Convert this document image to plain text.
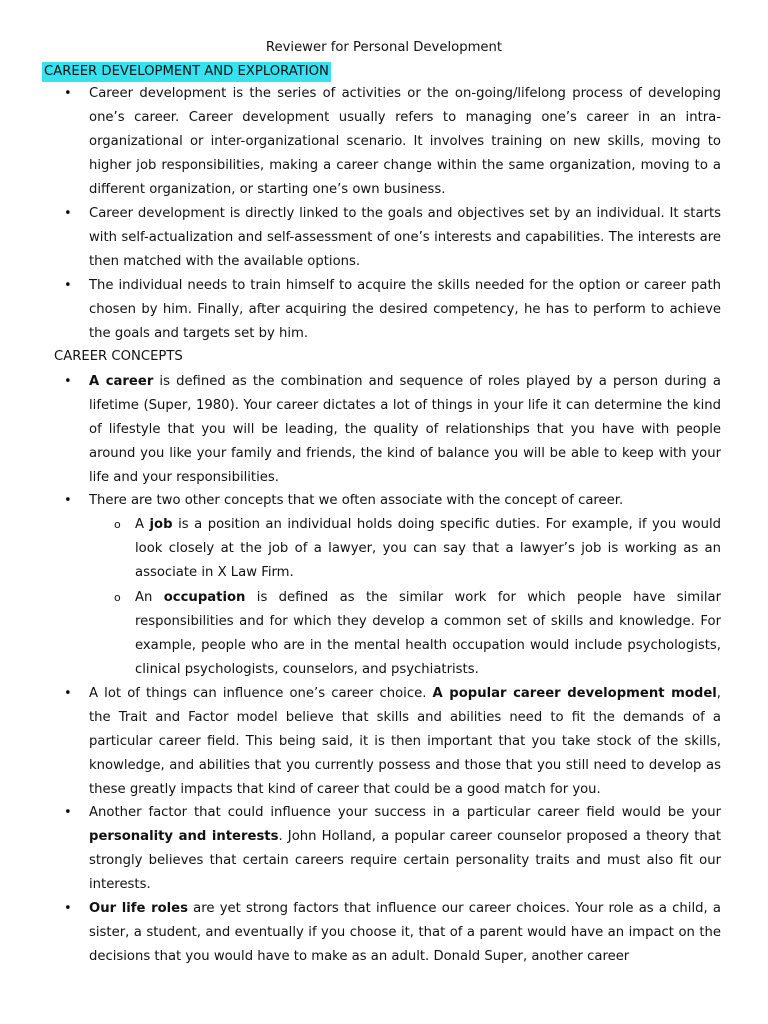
Reviewer for Personal Development
CAREER DEVELOPMENT AND EXPLORATION

• Career development is the series of activities or the on-going/lifelong process of developing one’s career. Career development usually refers to managing one’s career in an intra-organizational or inter-organizational scenario. It involves training on new skills, moving to higher job responsibilities, making a career change within the same organization, moving to a different organization, or starting one’s own business.

• Career development is directly linked to the goals and objectives set by an individual. It starts with self-actualization and self-assessment of one’s interests and capabilities. The interests are then matched with the available options.

• The individual needs to train himself to acquire the skills needed for the option or career path chosen by him. Finally, after acquiring the desired competency, he has to perform to achieve the goals and targets set by him.

CAREER CONCEPTS

• A career is defined as the combination and sequence of roles played by a person during a lifetime (Super, 1980). Your career dictates a lot of things in your life it can determine the kind of lifestyle that you will be leading, the quality of relationships that you have with people around you like your family and friends, the kind of balance you will be able to keep with your life and your responsibilities.

• There are two other concepts that we often associate with the concept of career.

o A job is a position an individual holds doing specific duties. For example, if you would look closely at the job of a lawyer, you can say that a lawyer’s job is working as an associate in X Law Firm.

o An occupation is defined as the similar work for which people have similar responsibilities and for which they develop a common set of skills and knowledge. For example, people who are in the mental health occupation would include psychologists, clinical psychologists, counselors, and psychiatrists.

• A lot of things can influence one’s career choice. A popular career development model, the Trait and Factor model believe that skills and abilities need to fit the demands of a particular career field. This being said, it is then important that you take stock of the skills, knowledge, and abilities that you currently possess and those that you still need to develop as these greatly impacts that kind of career that could be a good match for you.

• Another factor that could influence your success in a particular career field would be your personality and interests. John Holland, a popular career counselor proposed a theory that strongly believes that certain careers require certain personality traits and must also fit our interests.

• Our life roles are yet strong factors that influence our career choices. Your role as a child, a sister, a student, and eventually if you choose it, that of a parent would have an impact on the decisions that you would have to make as an adult. Donald Super, another career
